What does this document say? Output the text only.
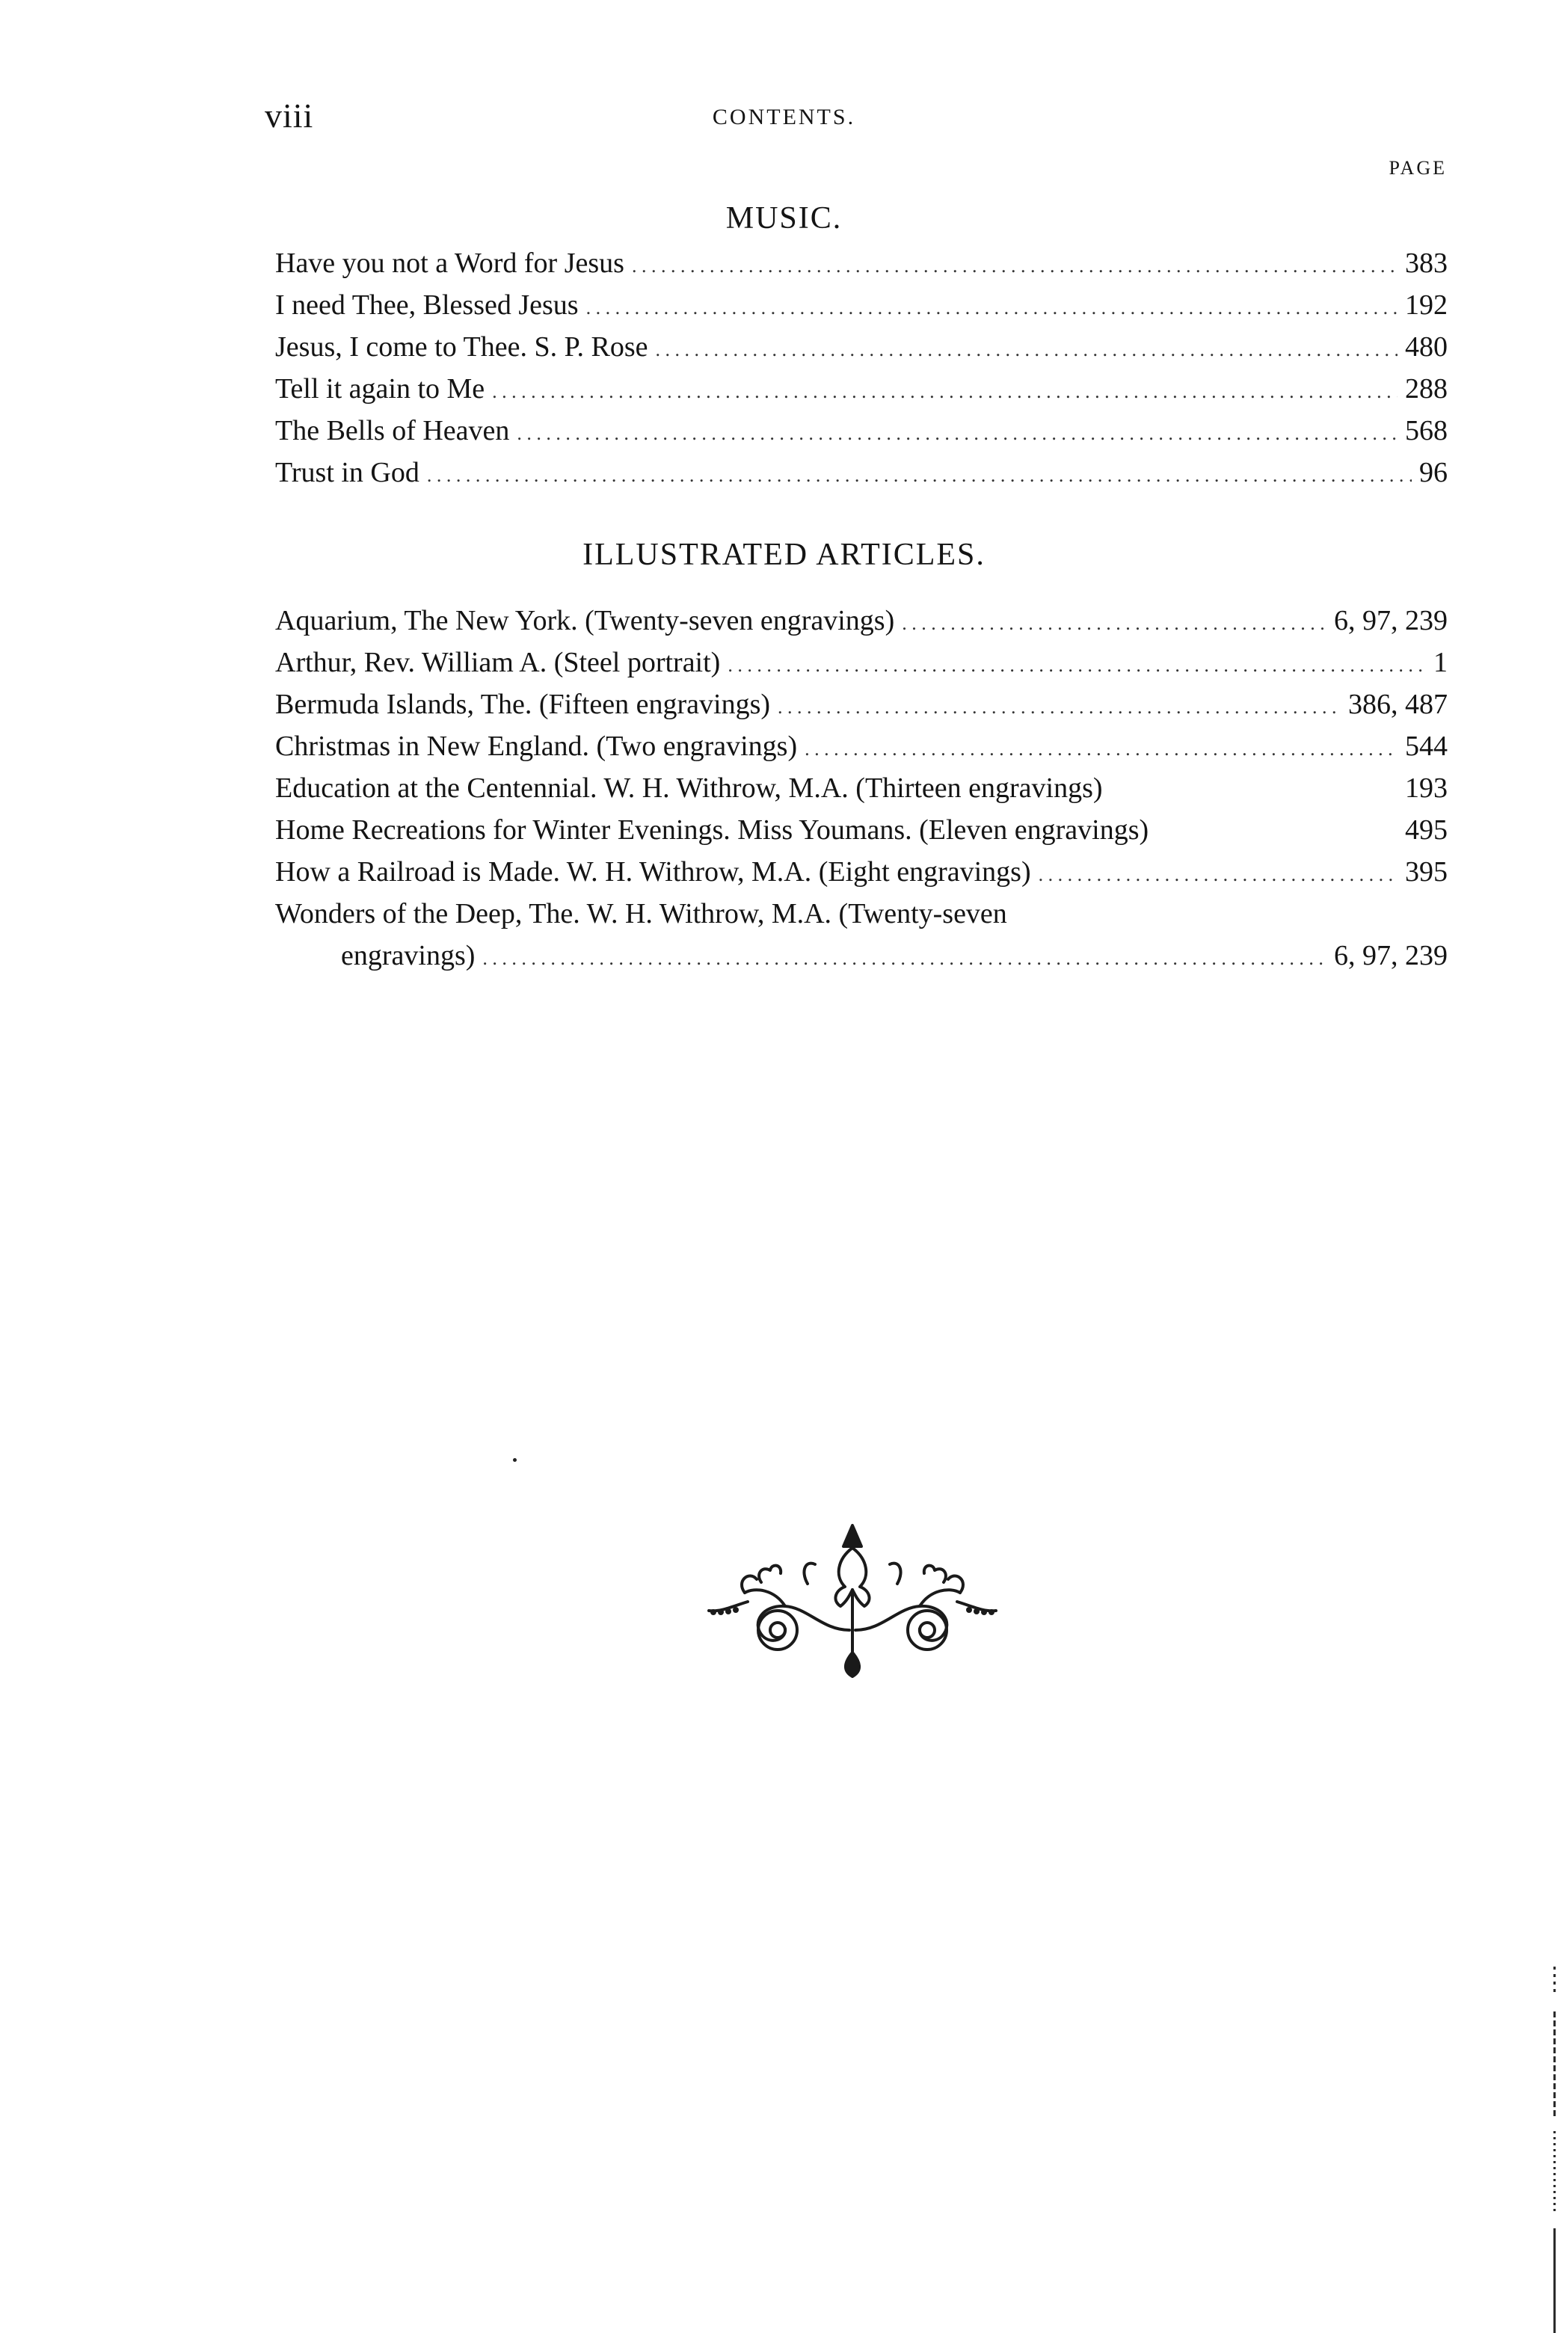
viii	CONTENTS.
PAGE
MUSIC.
Have you not a Word for Jesus . . .	383
I need Thee, Blessed Jesus . . .	192
Jesus, I come to Thee. S. P. Rose . . .	480
Tell it again to Me . . .	288
The Bells of Heaven . . .	568
Trust in God . . .	96
ILLUSTRATED ARTICLES.
Aquarium, The New York. (Twenty-seven engravings) . . .	6, 97, 239
Arthur, Rev. William A. (Steel portrait) . . .	1
Bermuda Islands, The. (Fifteen engravings) . . .	386, 487
Christmas in New England. (Two engravings) . . .	544
Education at the Centennial. W. H. Withrow, M.A. (Thirteen engravings)	193
Home Recreations for Winter Evenings. Miss Youmans. (Eleven engravings)	495
How a Railroad is Made. W. H. Withrow, M.A. (Eight engravings) . . .	395
Wonders of the Deep, The. W. H. Withrow, M.A. (Twenty-seven
engravings) . . .	6, 97, 239
